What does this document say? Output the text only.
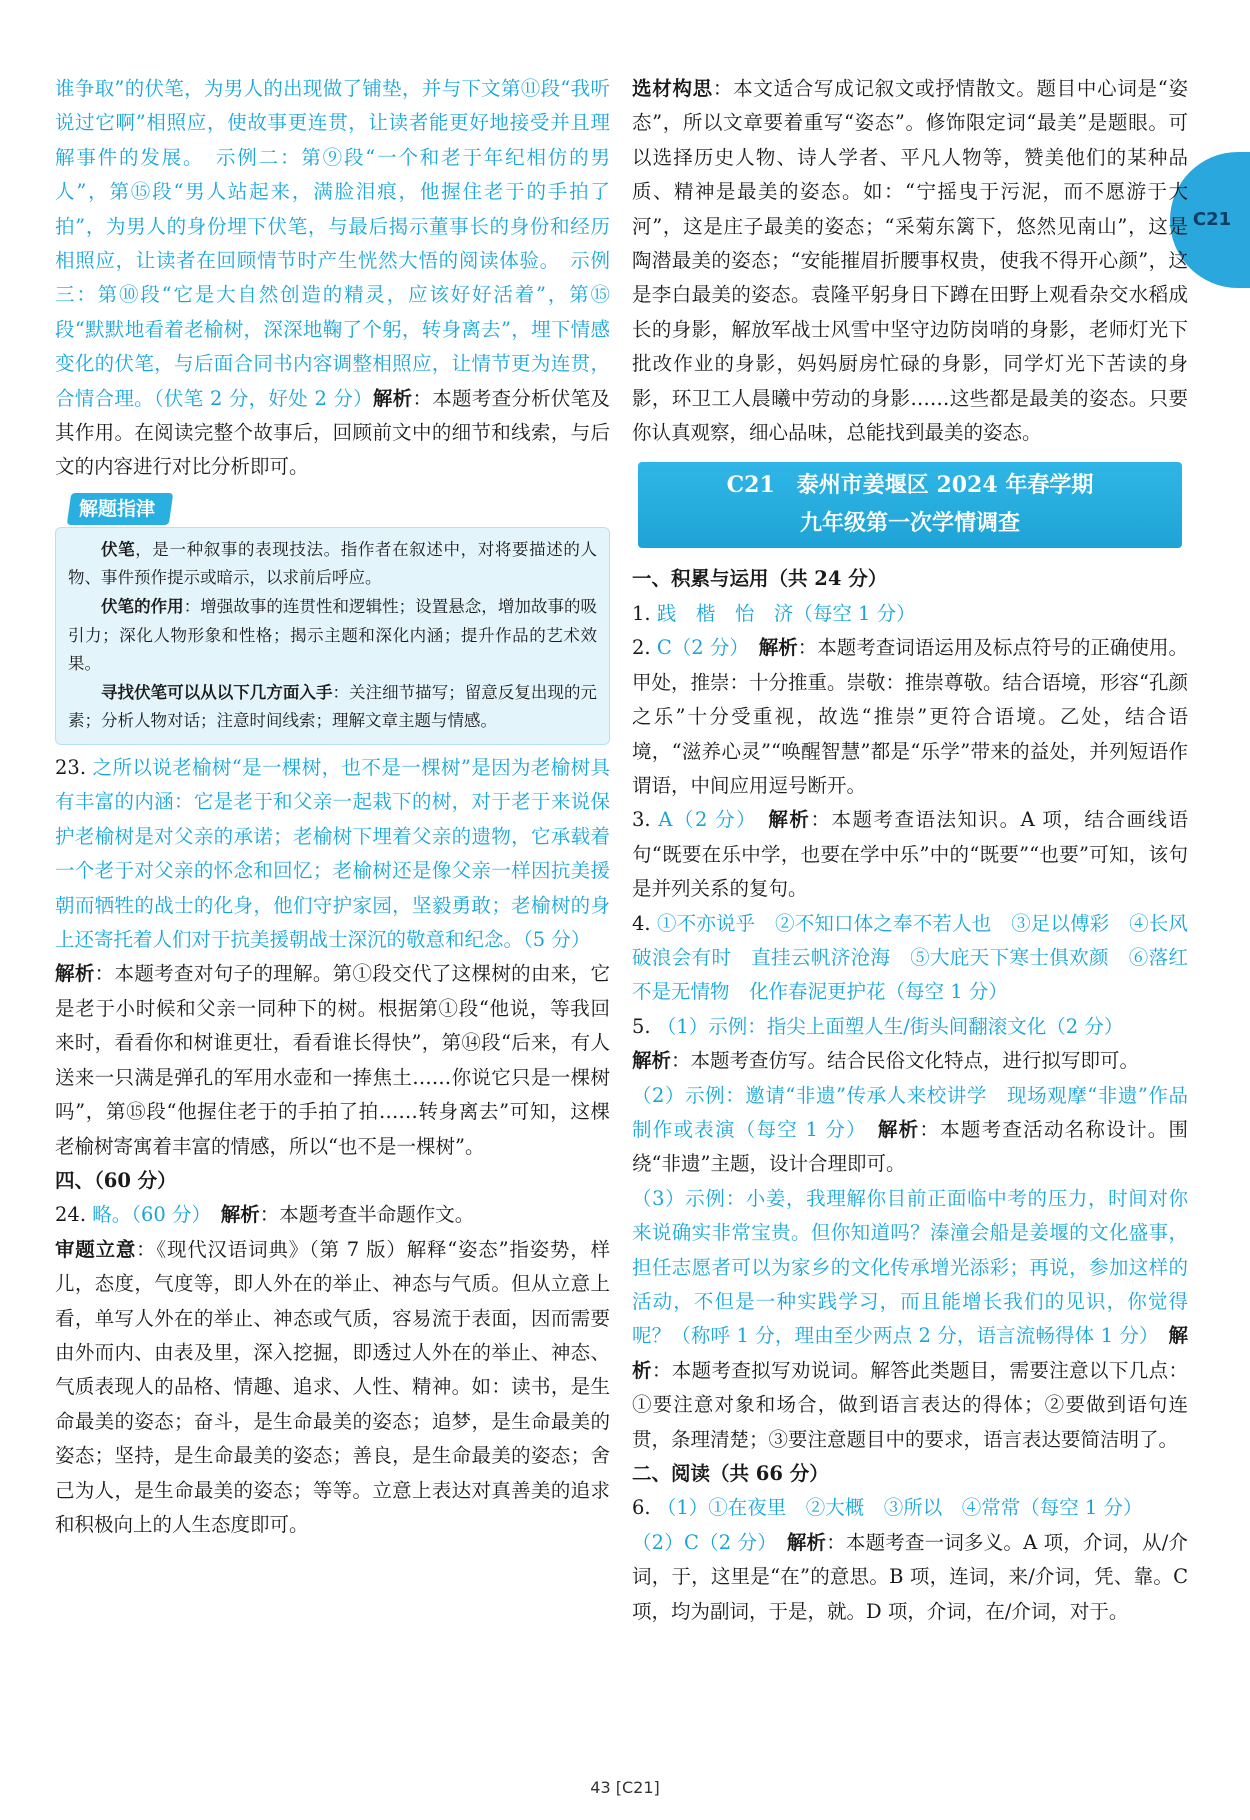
C21

谁争取”的伏笔，为男人的出现做了铺垫，并与下文第⑪段“我听说过它啊”相照应，使故事更连贯，让读者能更好地接受并且理解事件的发展。　示例二：第⑨段“一个和老于年纪相仿的男人”，第⑮段“男人站起来，满脸泪痕，他握住老于的手拍了拍”，为男人的身份埋下伏笔，与最后揭示董事长的身份和经历相照应，让读者在回顾情节时产生恍然大悟的阅读体验。　示例三：第⑩段“它是大自然创造的精灵，应该好好活着”，第⑮段“默默地看着老榆树，深深地鞠了个躬，转身离去”，埋下情感变化的伏笔，与后面合同书内容调整相照应，让情节更为连贯，合情合理。（伏笔 2 分，好处 2 分）解析：本题考查分析伏笔及其作用。在阅读完整个故事后，回顾前文中的细节和线索，与后文的内容进行对比分析即可。

解题指津

伏笔，是一种叙事的表现技法。指作者在叙述中，对将要描述的人物、事件预作提示或暗示，以求前后呼应。

伏笔的作用：增强故事的连贯性和逻辑性；设置悬念，增加故事的吸引力；深化人物形象和性格；揭示主题和深化内涵；提升作品的艺术效果。

寻找伏笔可以从以下几方面入手：关注细节描写；留意反复出现的元素；分析人物对话；注意时间线索；理解文章主题与情感。

23. 之所以说老榆树“是一棵树，也不是一棵树”是因为老榆树具有丰富的内涵：它是老于和父亲一起栽下的树，对于老于来说保护老榆树是对父亲的承诺；老榆树下埋着父亲的遗物，它承载着一个老于对父亲的怀念和回忆；老榆树还是像父亲一样因抗美援朝而牺牲的战士的化身，他们守护家园，坚毅勇敢；老榆树的身上还寄托着人们对于抗美援朝战士深沉的敬意和纪念。（5 分）

解析：本题考查对句子的理解。第①段交代了这棵树的由来，它是老于小时候和父亲一同种下的树。根据第①段“他说，等我回来时，看看你和树谁更壮，看看谁长得快”，第⑭段“后来，有人送来一只满是弹孔的军用水壶和一捧焦土……你说它只是一棵树吗”，第⑮段“他握住老于的手拍了拍……转身离去”可知，这棵老榆树寄寓着丰富的情感，所以“也不是一棵树”。

四、（60 分）

24. 略。（60 分）　 解析：本题考查半命题作文。

审题立意：《现代汉语词典》（第 7 版）解释“姿态”指姿势，样儿，态度，气度等，即人外在的举止、神态与气质。但从立意上看，单写人外在的举止、神态或气质，容易流于表面，因而需要由外而内、由表及里，深入挖掘，即透过人外在的举止、神态、气质表现人的品格、情趣、追求、人性、精神。如：读书，是生命最美的姿态；奋斗，是生命最美的姿态；追梦，是生命最美的姿态；坚持，是生命最美的姿态；善良，是生命最美的姿态；舍己为人，是生命最美的姿态；等等。立意上表达对真善美的追求和积极向上的人生态度即可。

选材构思：本文适合写成记叙文或抒情散文。题目中心词是“姿态”，所以文章要着重写“姿态”。修饰限定词“最美”是题眼。可以选择历史人物、诗人学者、平凡人物等，赞美他们的某种品质、精神是最美的姿态。如：“宁摇曳于污泥，而不愿游于大河”，这是庄子最美的姿态；“采菊东篱下，悠然见南山”，这是陶潜最美的姿态；“安能摧眉折腰事权贵，使我不得开心颜”，这是李白最美的姿态。袁隆平躬身日下蹲在田野上观看杂交水稻成长的身影，解放军战士风雪中坚守边防岗哨的身影，老师灯光下批改作业的身影，妈妈厨房忙碌的身影，同学灯光下苦读的身影，环卫工人晨曦中劳动的身影……这些都是最美的姿态。只要你认真观察，细心品味，总能找到最美的姿态。

C21　泰州市姜堰区 2024 年春学期
九年级第一次学情调查

一、积累与运用（共 24 分）

1. 践　楷　怡　济（每空 1 分）

2. C（2 分）　 解析：本题考查词语运用及标点符号的正确使用。甲处，推崇：十分推重。崇敬：推崇尊敬。结合语境，形容“孔颜之乐”十分受重视，故选“推崇”更符合语境。乙处，结合语境，“滋养心灵”“唤醒智慧”都是“乐学”带来的益处，并列短语作谓语，中间应用逗号断开。

3. A（2 分）　 解析：本题考查语法知识。A 项，结合画线语句“既要在乐中学，也要在学中乐”中的“既要”“也要”可知，该句是并列关系的复句。

4. ①不亦说乎　②不知口体之奉不若人也　③足以傅彩　④长风破浪会有时　直挂云帆济沧海　⑤大庇天下寒士俱欢颜　⑥落红不是无情物　化作春泥更护花（每空 1 分）

5. （1）示例：指尖上面塑人生/街头间翻滚文化（2 分）

解析：本题考查仿写。结合民俗文化特点，进行拟写即可。

（2）示例：邀请“非遗”传承人来校讲学　现场观摩“非遗”作品制作或表演（每空 1 分）　 解析：本题考查活动名称设计。围绕“非遗”主题，设计合理即可。

（3）示例：小姜，我理解你目前正面临中考的压力，时间对你来说确实非常宝贵。但你知道吗？溱潼会船是姜堰的文化盛事，担任志愿者可以为家乡的文化传承增光添彩；再说，参加这样的活动，不但是一种实践学习，而且能增长我们的见识，你觉得呢？（称呼 1 分，理由至少两点 2 分，语言流畅得体 1 分）　 解析：本题考查拟写劝说词。解答此类题目，需要注意以下几点：①要注意对象和场合，做到语言表达的得体；②要做到语句连贯，条理清楚；③要注意题目中的要求，语言表达要简洁明了。

二、阅读（共 66 分）

6. （1）①在夜里　②大概　③所以　④常常（每空 1 分）

（2）C（2 分）　 解析：本题考查一词多义。A 项，介词，从/介词，于，这里是“在”的意思。B 项，连词，来/介词，凭、靠。C 项，均为副词，于是，就。D 项，介词，在/介词，对于。

43 [C21]
